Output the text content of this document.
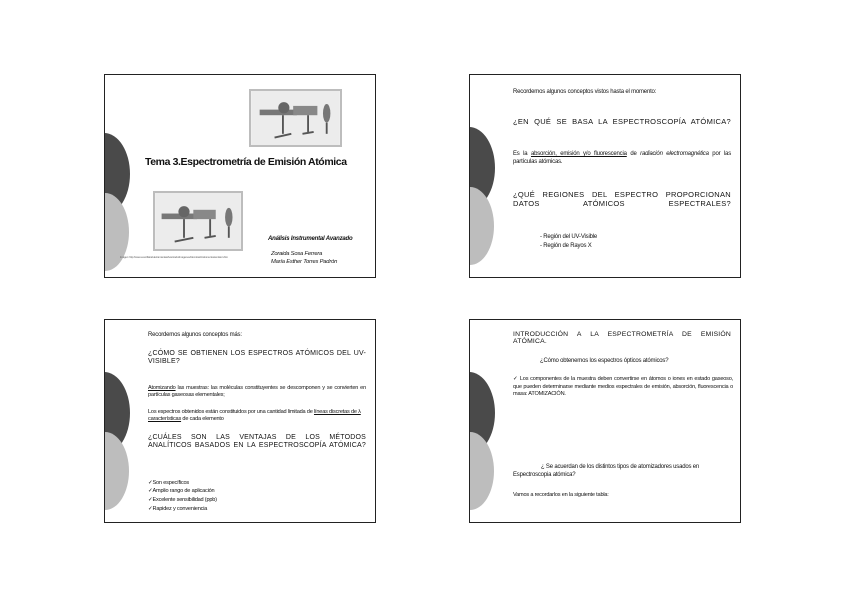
Tema 3.Espectrometría de Emisión Atómica
Análisis Instrumental Avanzado
Imagen: http://www.uv.es/fisica/Herramientas/Avanzado/Imagenes/Atomicas/Instrumentos/emision.htm	Zoraida Sosa Ferrera
María Esther Torres Padrón
Recordemos algunos conceptos vistos hasta el momento:
¿EN QUÉ SE BASA LA ESPECTROSCOPÍA ATÓMICA?
Es la absorción, emisión y/o fluorescencia de radiación electromagnética por las partículas atómicas.
¿QUÉ REGIONES DEL ESPECTRO PROPORCIONAN DATOS ATÓMICOS ESPECTRALES?
- Región del UV-Visible
- Región de Rayos X
Recordemos algunos conceptos más:
¿CÓMO SE OBTIENEN LOS ESPECTROS ATÓMICOS DEL UV-VISIBLE?
Atomizando las muestras: las moléculas constituyentes se descomponen y se convierten en partículas gaseosas elementales;
Los espectros obtenidos están constituidos por una cantidad limitada de líneas discretas de λ características de cada elemento
¿CUÁLES SON LAS VENTAJAS DE LOS MÉTODOS ANALÍTICOS BASADOS EN LA ESPECTROSCOPÍA ATÓMICA?
✓Son específicos
✓Amplio rango de aplicación
✓Excelente sensibilidad (ppb)
✓Rapidez y conveniencia
INTRODUCCIÓN A LA ESPECTROMETRÍA DE EMISIÓN ATÓMICA.
¿Cómo obtenemos los espectros ópticos atómicos?
✓ Los componentes de la muestra deben convertirse en átomos o iones en estado gaseoso, que pueden determinarse mediante medios espectrales de emisión, absorción, fluorescencia o masa: ATOMIZACIÓN.
¿ Se acuerdan de los distintos tipos de atomizadores usados en Espectroscopia atómica?
Vamos a recordarlos en la siguiente tabla:
